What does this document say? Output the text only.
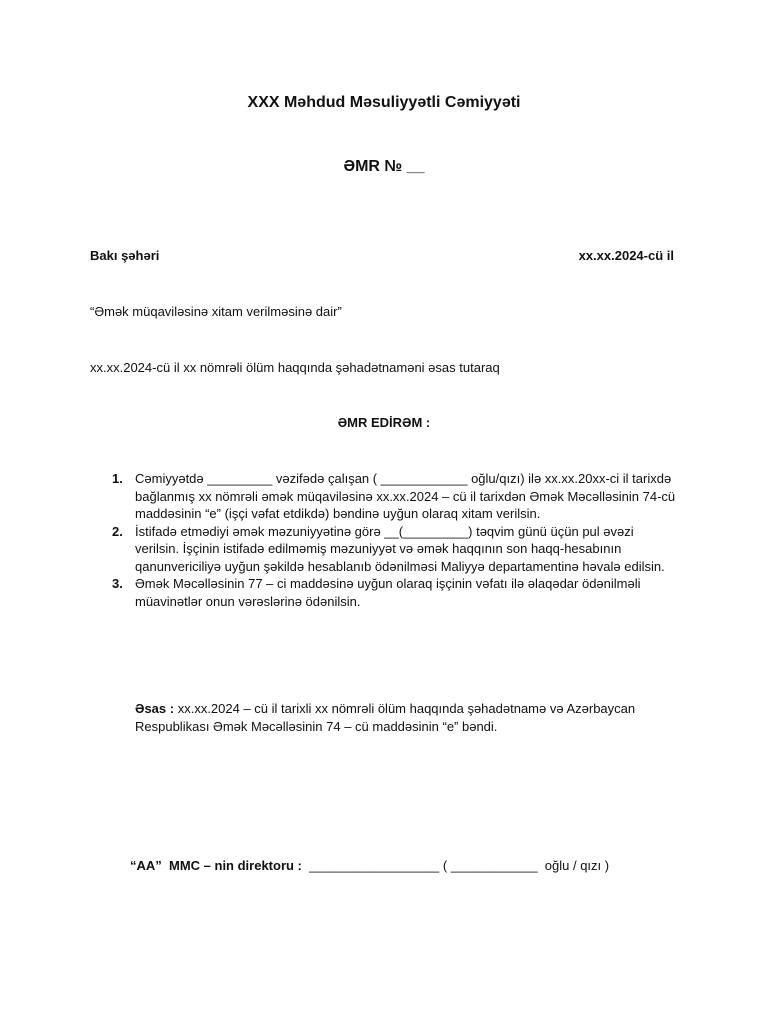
XXX Məhdud Məsuliyyətli Cəmiyyəti
ƏMR № __
Bakı şəhəri	xx.xx.2024-cü il
“Əmək müqaviləsinə xitam verilməsinə dair”
xx.xx.2024-cü il xx nömrəli ölüm haqqında şəhadətnaməni əsas tutaraq
ƏMR EDİRƏM :
1. Cəmiyyətdə _________ vəzifədə çalışan ( ____________ oğlu/qızı) ilə xx.xx.20xx-ci il tarixdə bağlanmış xx nömrəli əmək müqaviləsinə xx.xx.2024 – cü il tarixdən Əmək Məcəlləsinin 74-cü maddəsinin “e” (işçi vəfat etdikdə) bəndinə uyğun olaraq xitam verilsin.
2. İstifadə etmədiyi əmək məzuniyyətinə görə __(_________) təqvim günü üçün pul əvəzi verilsin. İşçinin istifadə edilməmiş məzuniyyət və əmək haqqının son haqq-hesabının qanunvericiliyə uyğun şəkildə hesablanıb ödənilməsi Maliyyə departamentinə həvalə edilsin.
3. Əmək Məcəlləsinin 77 – ci maddəsinə uyğun olaraq işçinin vəfatı ilə əlaqədar ödənilməli müavinətlər onun vərəslərinə ödənilsin.
Əsas : xx.xx.2024 – cü il tarixli xx nömrəli ölüm haqqında şəhadətnamə və Azərbaycan Respublikası Əmək Məcəlləsinin 74 – cü maddəsinin “e” bəndi.
“AA”  MMC – nin direktoru :  __________________ ( ____________  oğlu / qızı )
